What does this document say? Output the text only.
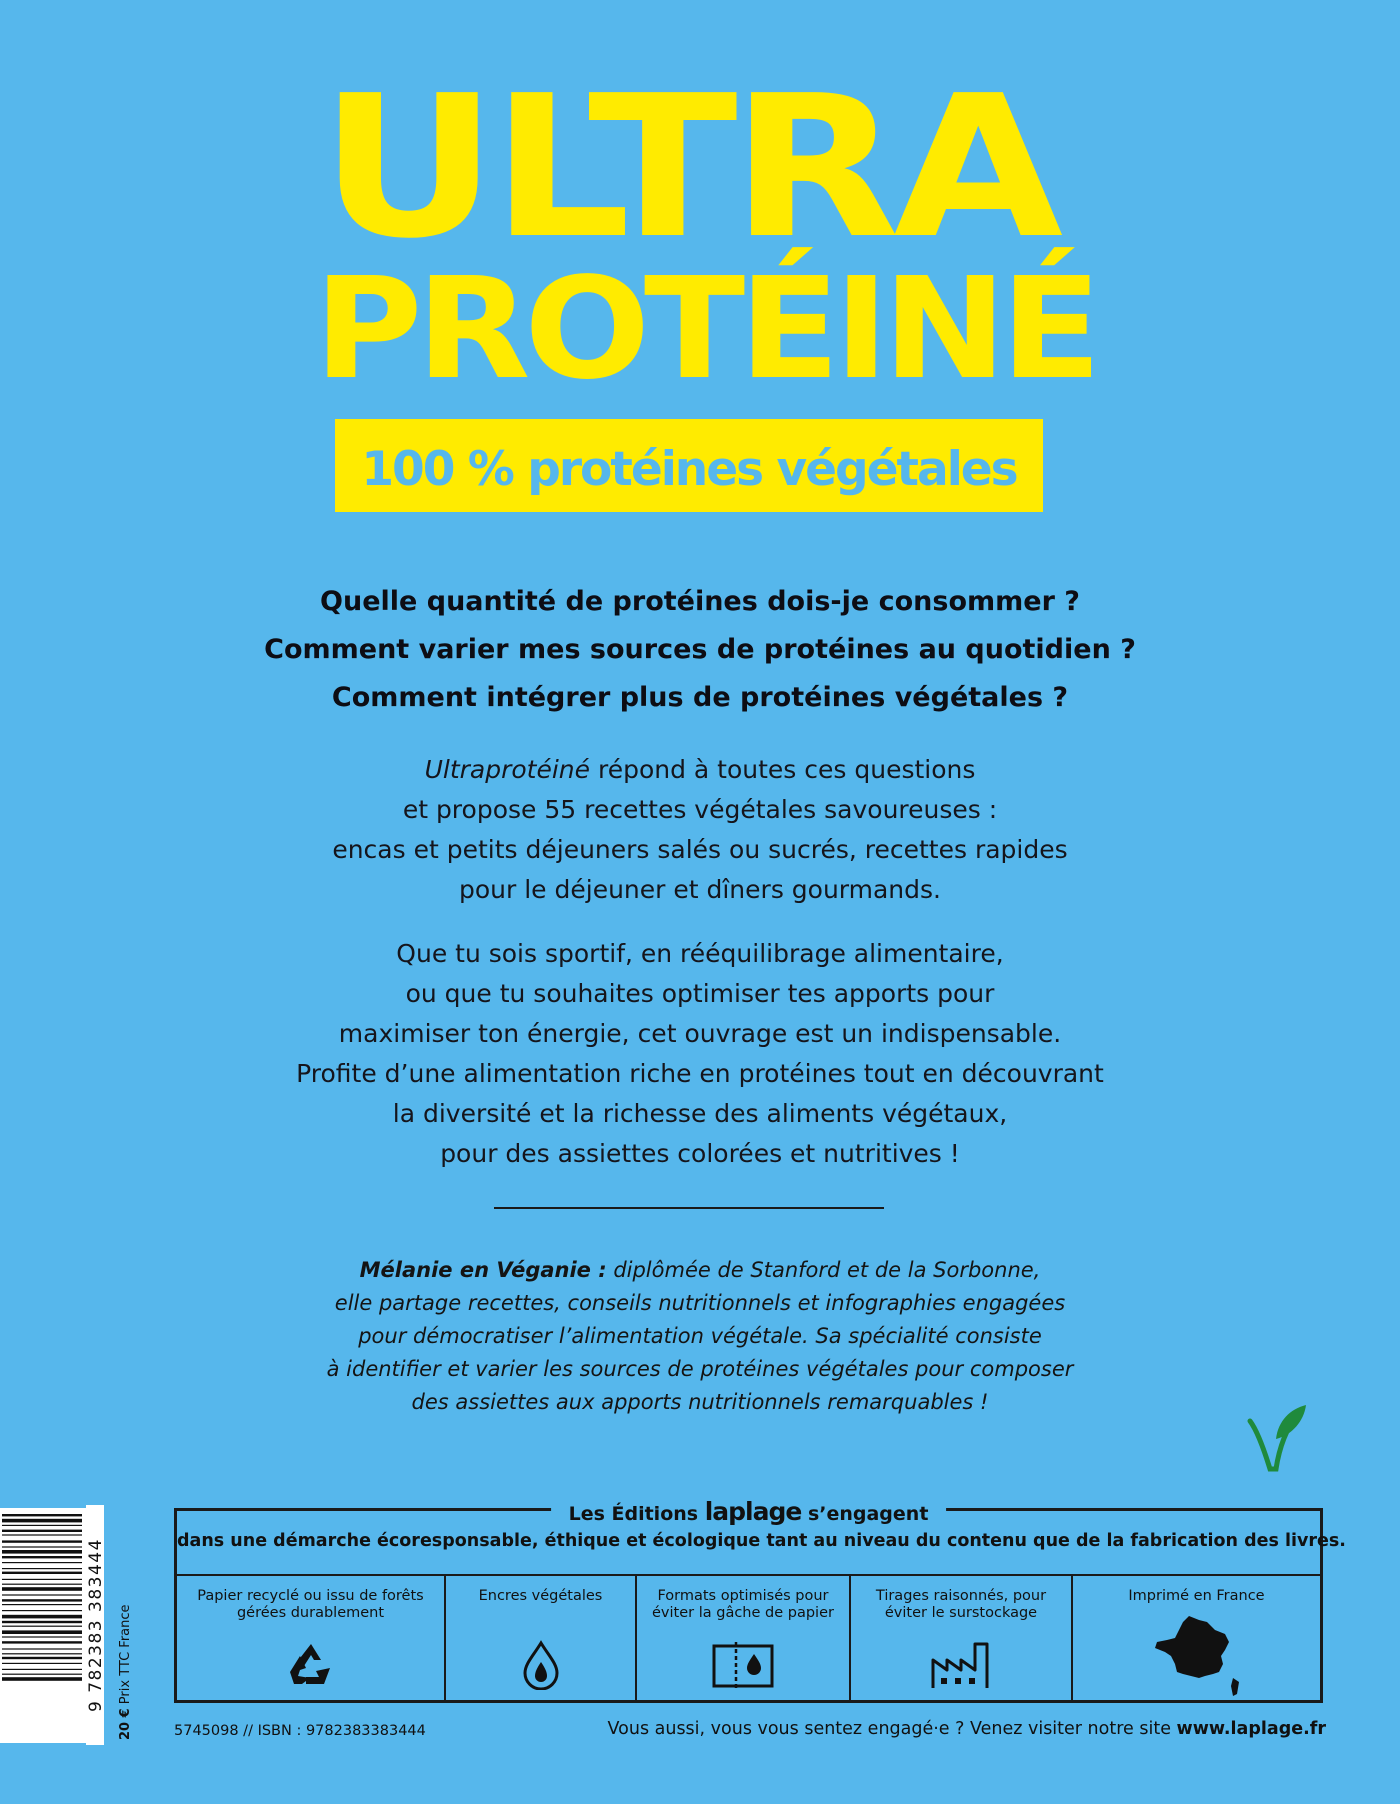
ULTRA
PROTÉINÉ
100 % protéines végétales
Quelle quantité de protéines dois-je consommer ?
Comment varier mes sources de protéines au quotidien ?
Comment intégrer plus de protéines végétales ?
Ultraprotéiné répond à toutes ces questions
et propose 55 recettes végétales savoureuses :
encas et petits déjeuners salés ou sucrés, recettes rapides
pour le déjeuner et dîners gourmands.
Que tu sois sportif, en rééquilibrage alimentaire,
ou que tu souhaites optimiser tes apports pour
maximiser ton énergie, cet ouvrage est un indispensable.
Profite d’une alimentation riche en protéines tout en découvrant
la diversité et la richesse des aliments végétaux,
pour des assiettes colorées et nutritives !
Mélanie en Véganie : diplômée de Stanford et de la Sorbonne,
elle partage recettes, conseils nutritionnels et infographies engagées
pour démocratiser l’alimentation végétale. Sa spécialité consiste
à identifier et varier les sources de protéines végétales pour composer
des assiettes aux apports nutritionnels remarquables !
Les Éditions laplage s’engagent
dans une démarche écoresponsable, éthique et écologique tant au niveau du contenu que de la fabrication des livres.
Papier recyclé ou issu de forêts gérées durablement
Encres végétales	Formats optimisés pour éviter la gâche de papier
Tirages raisonnés, pour éviter le surstockage
Imprimé en France
9 782383 383444
20 € Prix TTC France
5745098 // ISBN : 9782383383444	Vous aussi, vous vous sentez engagé·e ? Venez visiter notre site www.laplage.fr
